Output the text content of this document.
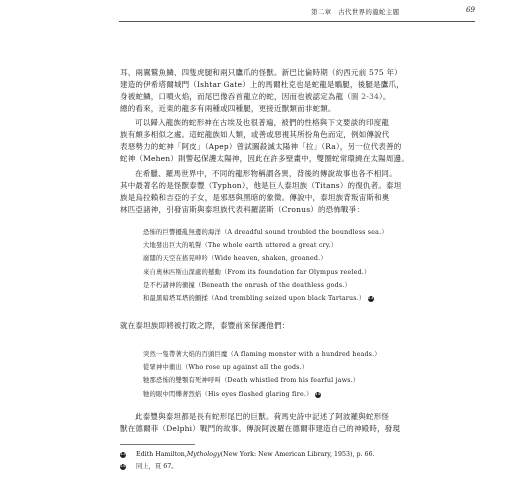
第二章　古代世界的龍蛇主題	69

耳、兩翼鷲魚鱗、四隻虎腿和兩只鷹爪的怪獸。新巴比倫時期（約西元前 575 年）

建造的伊希塔爾城門（Ishtar Gate）上的馬爾杜克也是蛇龍是鵰腿，後腿是鷹爪，

身被蛇鱗，口噴火焰，而尾巴像吞首龍立的蛇，因而也被認定為龍（圖 2-34）。

總的看來，近東的龍多有兩種或四種腿，更接近獸類而非蛇類。

可以歸入龍族的蛇形神在古埃及也很普遍，被們的性格與下文要談的印度龍

族有頗多相似之處。這蛇龍族如人類，或善或惡視其所扮角色而定，例如傳說代

表惡勢力的蛇神「阿皮」（Apep）曾試圖殺滅太陽神「拉」（Ra），另一位代表善的

蛇神（Mehen）則警起保護太陽神，因此在許多壁畫中，雙圈蛇常環繞在太陽周邊。

在希臘、羅馬世界中，不同的龍形物稱謂各異，背後的傳說故事也各不相同。

其中最著名的是怪獸泰豐（Typhon），他是巨人泰坦族（Titans）的復仇者。泰坦

族是烏拉賴和吉亞的子女，是邪惡與黑暗的象徵。傳說中，泰坦族背叛宙斯和奧

林匹亞諸神，引發宙斯與泰坦族代表科羅諾斯（Cronus）的恐怖戰爭：

恐怖的巨響擾亂無邊的海洋（A dreadful sound troubled the boundless sea.）
大地發出巨大的吼聲（The whole earth uttered a great cry.）
廣闊的天空在搖晃呻吟（Wide heaven, shaken, groaned.）
來自奧林匹斯山深處的撼動（From its foundation far Olympus reeled.）
是不朽諸神的衝撞（Beneath the onrush of the deathless gods.）
和最黑暗塔耳塔的顫揉（And trembling seized upon black Tartarus.） 13

就在泰坦族即將被打敗之際，泰豐前來保護他們：

突然一隻帶著大焰的百頭巨魔（A flaming monster with a hundred heads.）
從眾神中衝出（Who rose up against all the gods.）
牠那恐怖的雙顎有死神呼叫（Death whistled from his fearful jaws.）
牠的眼中閃爍著烈焰（His eyes flashed glaring fire.） 14

此泰豐與泰坦都是長有蛇形尾巴的巨獸。荷馬史詩中記述了阿波羅與蛇形怪

獸在德爾菲（Delphi）戰鬥的故事。傳說阿波羅在德爾菲建造自己的神殿時，發現

13 Edith Hamilton, Mythology (New York: New American Library, 1953), p. 66.
14 同上，頁 67。
